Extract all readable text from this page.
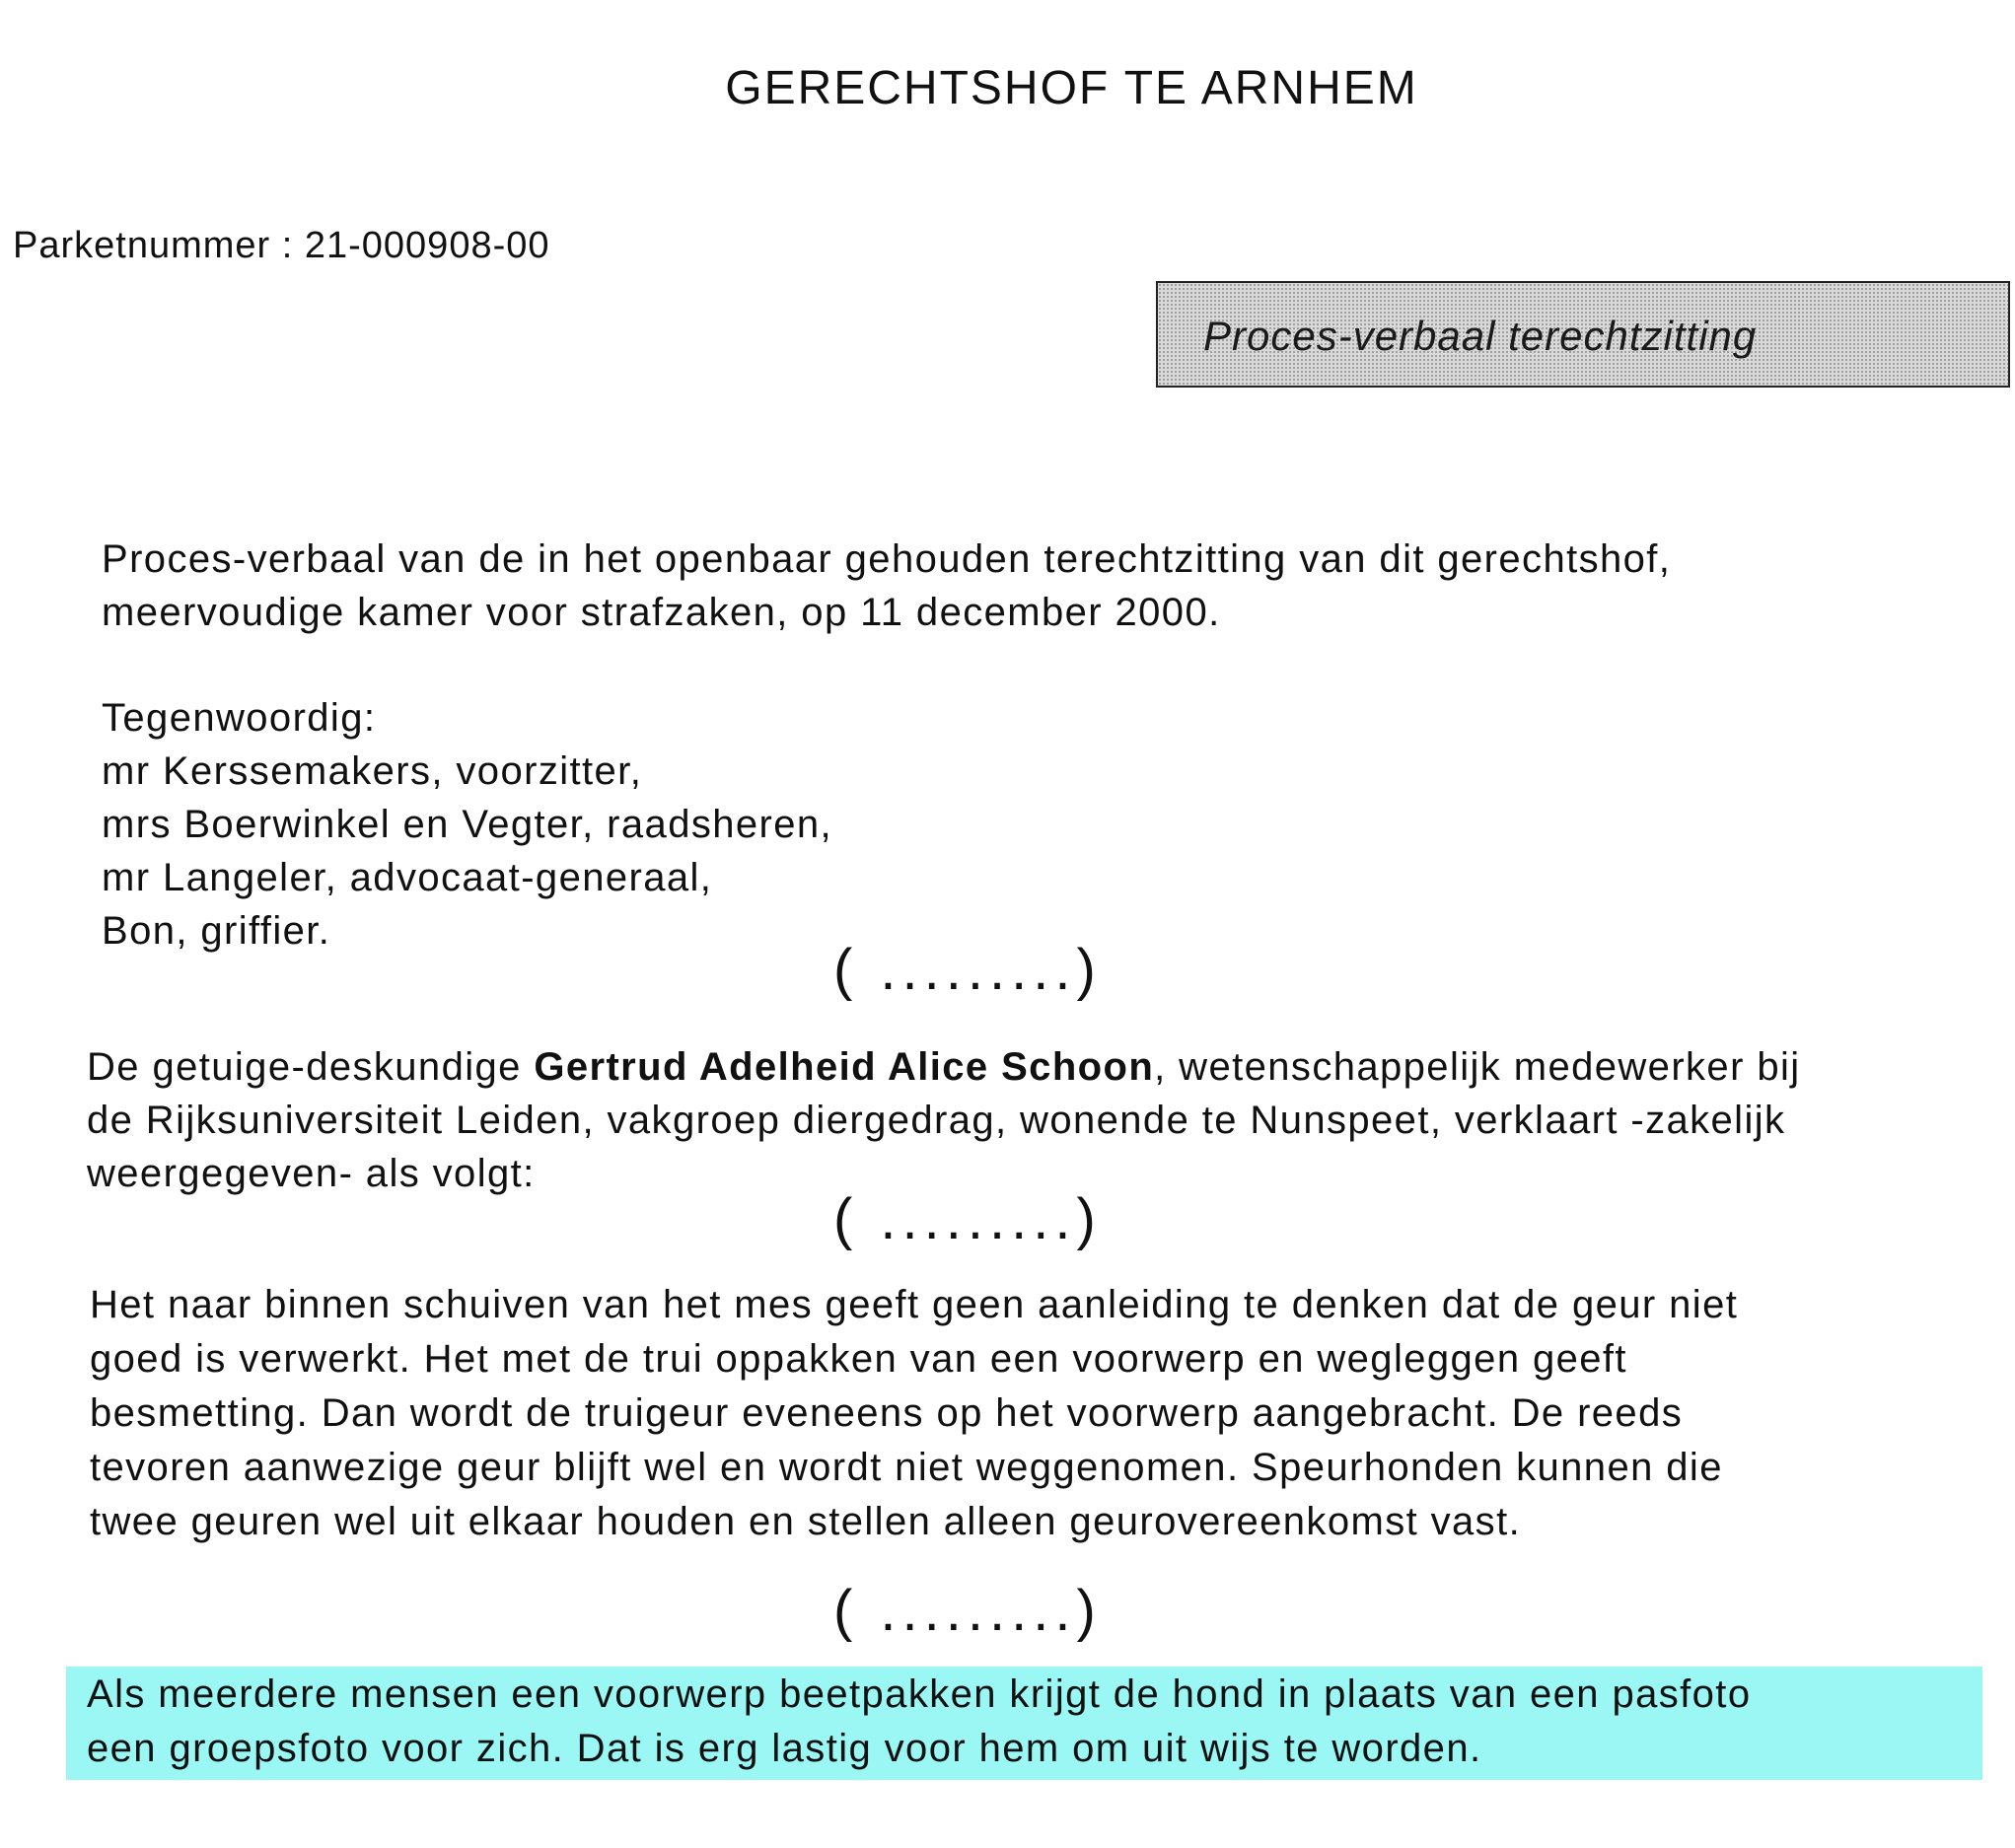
GERECHTSHOF TE ARNHEM
Parketnummer : 21-000908-00
Proces-verbaal terechtzitting
Proces-verbaal van de in het openbaar gehouden terechtzitting van dit gerechtshof,
meervoudige kamer voor strafzaken, op 11 december 2000.
Tegenwoordig:
mr Kerssemakers, voorzitter,
mrs Boerwinkel en Vegter, raadsheren,
mr Langeler, advocaat-generaal,
Bon, griffier.
( .........)
De getuige-deskundige Gertrud Adelheid Alice Schoon, wetenschappelijk medewerker bij
de Rijksuniversiteit Leiden, vakgroep diergedrag, wonende te Nunspeet, verklaart -zakelijk
weergegeven- als volgt:
( .........)
Het naar binnen schuiven van het mes geeft geen aanleiding te denken dat de geur niet
goed is verwerkt. Het met de trui oppakken van een voorwerp en wegleggen geeft
besmetting. Dan wordt de truigeur eveneens op het voorwerp aangebracht. De reeds
tevoren aanwezige geur blijft wel en wordt niet weggenomen. Speurhonden kunnen die
twee geuren wel uit elkaar houden en stellen alleen geurovereenkomst vast.
( .........)
Als meerdere mensen een voorwerp beetpakken krijgt de hond in plaats van een pasfoto
een groepsfoto voor zich. Dat is erg lastig voor hem om uit wijs te worden.
